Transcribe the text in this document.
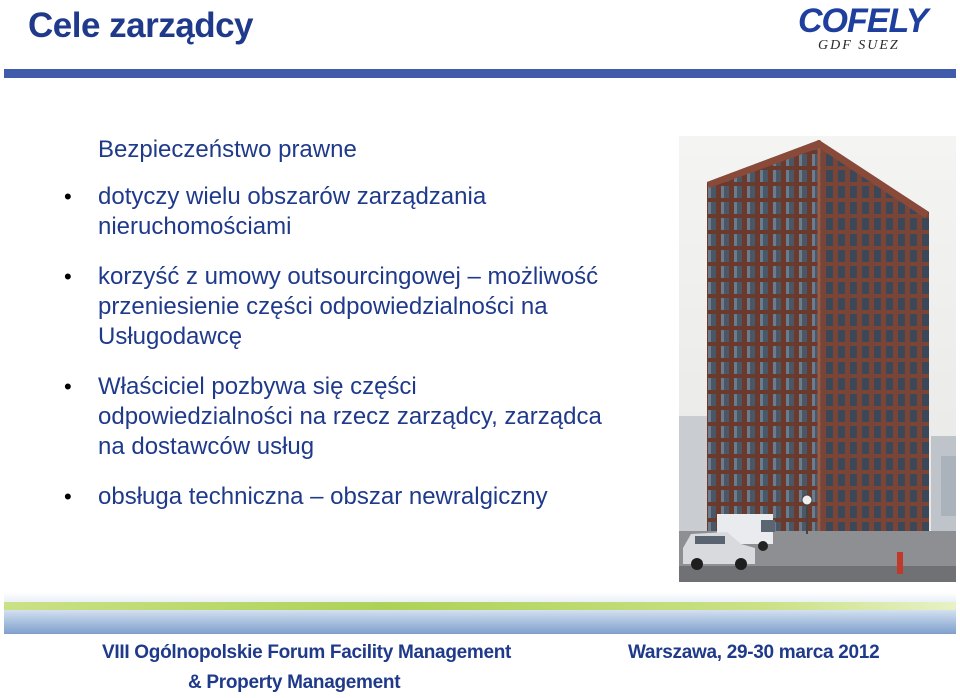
Cele zarządcy	COFELY
GDF SUEZ
Bezpieczeństwo prawne
• dotyczy wielu obszarów zarządzania
nieruchomościami
• korzyść z umowy outsourcingowej – możliwość
przeniesienie części odpowiedzialności na
Usługodawcę
• Właściciel pozbywa się części
odpowiedzialności na rzecz zarządcy, zarządca
na dostawców usług
• obsługa techniczna – obszar newralgiczny
VIII Ogólnopolskie Forum Facility Management
& Property Management
Warszawa, 29-30 marca 2012
